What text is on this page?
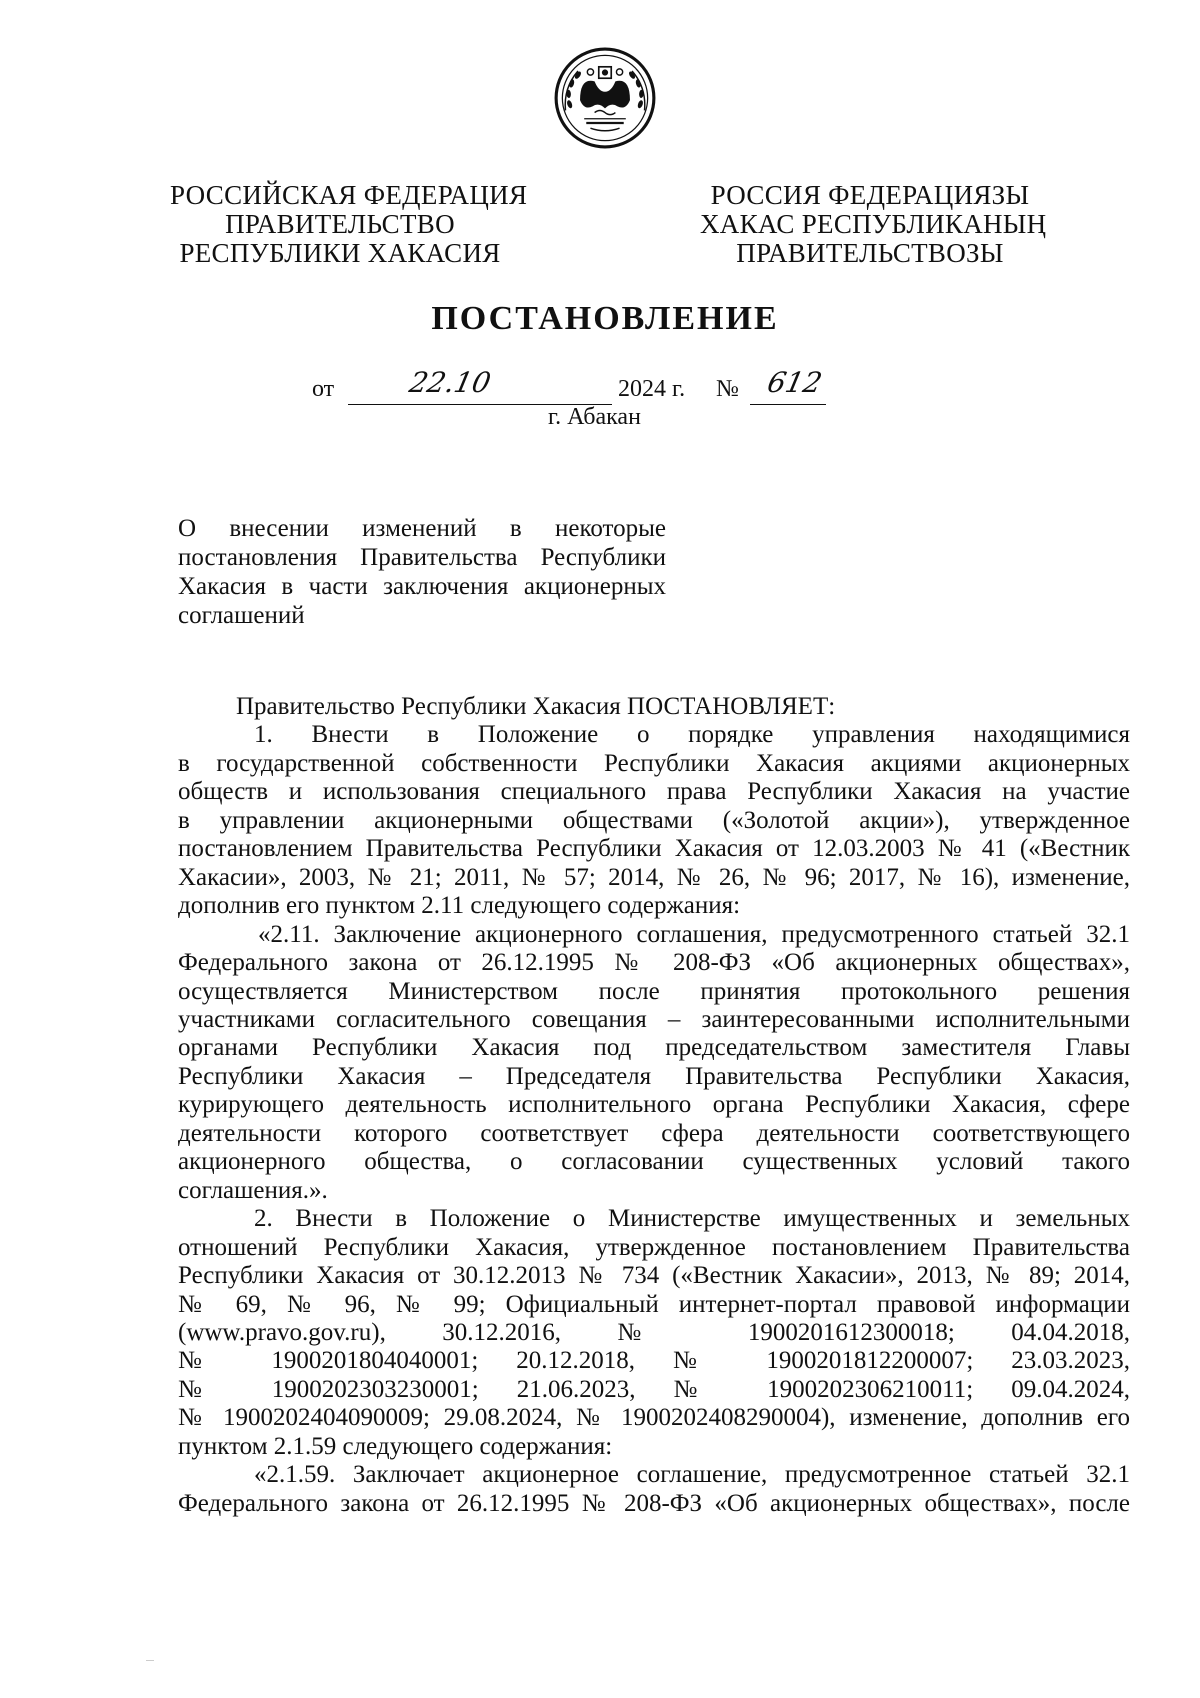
РОССИЙСКАЯ ФЕДЕРАЦИЯ
ПРАВИТЕЛЬСТВО
РЕСПУБЛИКИ ХАКАСИЯ
РОССИЯ ФЕДЕРАЦИЯЗЫ
ХАКАС РЕСПУБЛИКАНЫҢ
ПРАВИТЕЛЬСТВОЗЫ
ПОСТАНОВЛЕНИЕ
от	22.10	2024 г. № 612
г. Абакан
О внесении изменений в некоторые
постановления Правительства Республики
Хакасия в части заключения акционерных
соглашений
Правительство Республики Хакасия ПОСТАНОВЛЯЕТ:
1. Внести в Положение о порядке управления находящимися
в государственной собственности Республики Хакасия акциями акционерных
обществ и использования специального права Республики Хакасия на участие
в управлении акционерными обществами («Золотой акции»), утвержденное
постановлением Правительства Республики Хакасия от 12.03.2003 № 41 («Вестник
Хакасии», 2003, № 21; 2011, № 57; 2014, № 26, № 96; 2017, № 16), изменение,
дополнив его пунктом 2.11 следующего содержания:
«2.11. Заключение акционерного соглашения, предусмотренного статьей 32.1
Федерального закона от 26.12.1995 № 208-ФЗ «Об акционерных обществах»,
осуществляется Министерством после принятия протокольного решения
участниками согласительного совещания – заинтересованными исполнительными
органами Республики Хакасия под председательством заместителя Главы
Республики Хакасия – Председателя Правительства Республики Хакасия,
курирующего деятельность исполнительного органа Республики Хакасия, сфере
деятельности которого соответствует сфера деятельности соответствующего
акционерного общества, о согласовании существенных условий такого
соглашения.».
2. Внести в Положение о Министерстве имущественных и земельных
отношений Республики Хакасия, утвержденное постановлением Правительства
Республики Хакасия от 30.12.2013 № 734 («Вестник Хакасии», 2013, № 89; 2014,
№ 69, № 96, № 99; Официальный интернет-портал правовой информации
(www.pravo.gov.ru), 30.12.2016, № 1900201612300018; 04.04.2018,
№ 1900201804040001; 20.12.2018, № 1900201812200007; 23.03.2023,
№ 1900202303230001; 21.06.2023, № 1900202306210011; 09.04.2024,
№ 1900202404090009; 29.08.2024, № 1900202408290004), изменение, дополнив его
пунктом 2.1.59 следующего содержания:
«2.1.59. Заключает акционерное соглашение, предусмотренное статьей 32.1
Федерального закона от 26.12.1995 № 208-ФЗ «Об акционерных обществах», после
